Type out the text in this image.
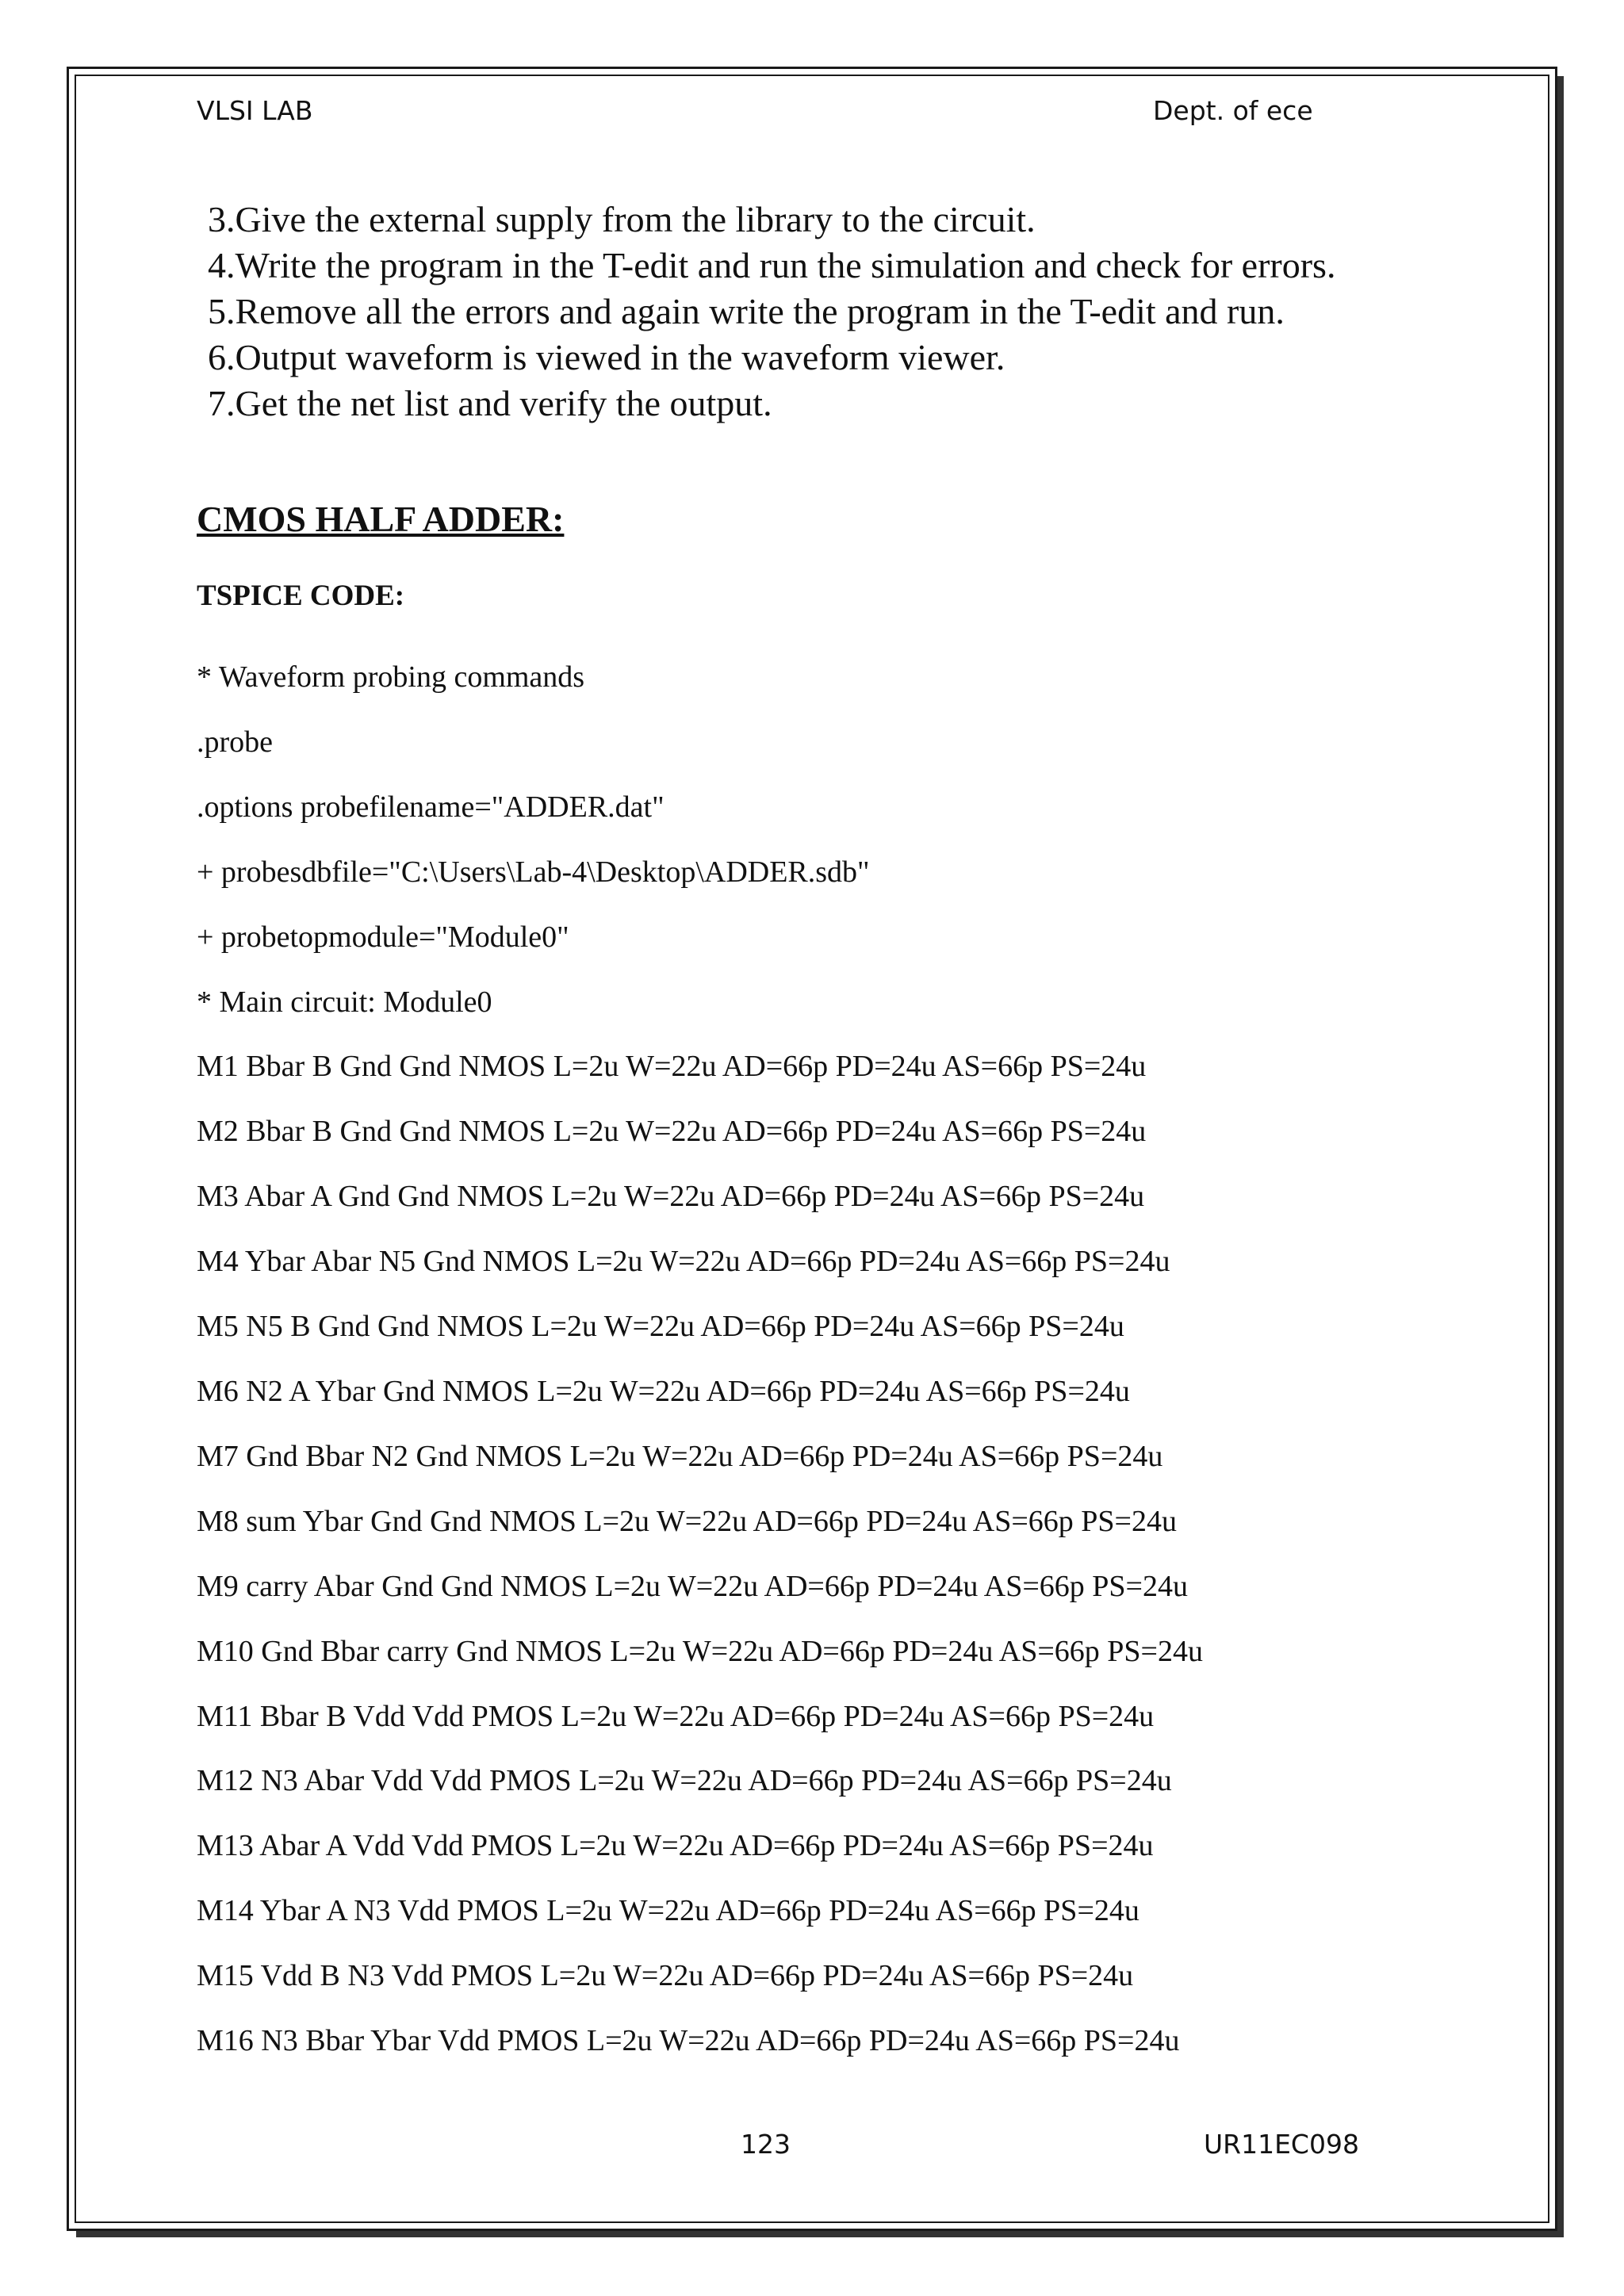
VLSI LAB	Dept. of ece
3.Give the external supply from the library to the circuit.
4.Write the program in the T-edit and run the simulation and check for errors.
5.Remove all the errors and again write the program in the T-edit and run.
6.Output waveform is viewed in the waveform viewer.
7.Get the net list and verify the output.
CMOS HALF ADDER:
TSPICE CODE:
* Waveform probing commands
.probe
.options probefilename="ADDER.dat"
+ probesdbfile="C:\Users\Lab-4\Desktop\ADDER.sdb"
+ probetopmodule="Module0"
* Main circuit: Module0
M1 Bbar B Gnd Gnd NMOS L=2u W=22u AD=66p PD=24u AS=66p PS=24u
M2 Bbar B Gnd Gnd NMOS L=2u W=22u AD=66p PD=24u AS=66p PS=24u
M3 Abar A Gnd Gnd NMOS L=2u W=22u AD=66p PD=24u AS=66p PS=24u
M4 Ybar Abar N5 Gnd NMOS L=2u W=22u AD=66p PD=24u AS=66p PS=24u
M5 N5 B Gnd Gnd NMOS L=2u W=22u AD=66p PD=24u AS=66p PS=24u
M6 N2 A Ybar Gnd NMOS L=2u W=22u AD=66p PD=24u AS=66p PS=24u
M7 Gnd Bbar N2 Gnd NMOS L=2u W=22u AD=66p PD=24u AS=66p PS=24u
M8 sum Ybar Gnd Gnd NMOS L=2u W=22u AD=66p PD=24u AS=66p PS=24u
M9 carry Abar Gnd Gnd NMOS L=2u W=22u AD=66p PD=24u AS=66p PS=24u
M10 Gnd Bbar carry Gnd NMOS L=2u W=22u AD=66p PD=24u AS=66p PS=24u
M11 Bbar B Vdd Vdd PMOS L=2u W=22u AD=66p PD=24u AS=66p PS=24u
M12 N3 Abar Vdd Vdd PMOS L=2u W=22u AD=66p PD=24u AS=66p PS=24u
M13 Abar A Vdd Vdd PMOS L=2u W=22u AD=66p PD=24u AS=66p PS=24u
M14 Ybar A N3 Vdd PMOS L=2u W=22u AD=66p PD=24u AS=66p PS=24u
M15 Vdd B N3 Vdd PMOS L=2u W=22u AD=66p PD=24u AS=66p PS=24u
M16 N3 Bbar Ybar Vdd PMOS L=2u W=22u AD=66p PD=24u AS=66p PS=24u
123	UR11EC098
